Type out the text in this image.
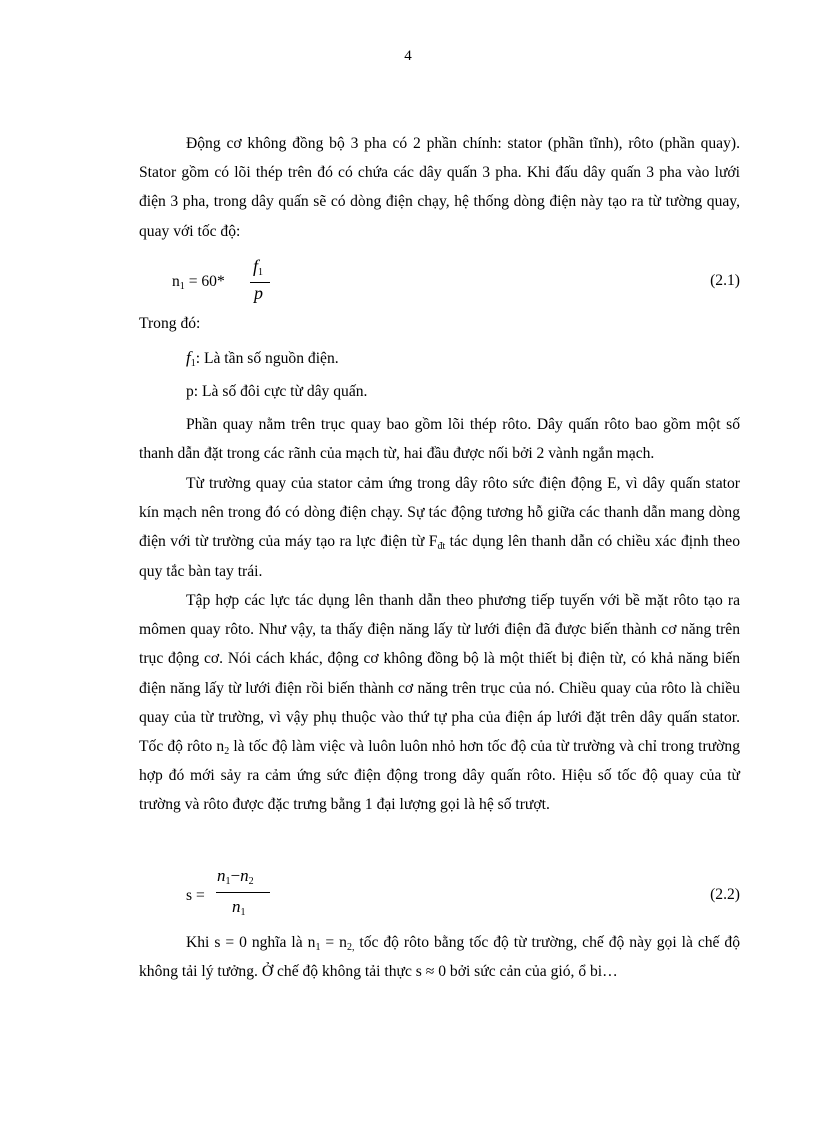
4

Động cơ không đồng bộ 3 pha có 2 phần chính: stator (phần tĩnh), rôto (phần quay). Stator gồm có lõi thép trên đó có chứa các dây quấn 3 pha. Khi đấu dây quấn 3 pha vào lưới điện 3 pha, trong dây quấn sẽ có dòng điện chạy, hệ thống dòng điện này tạo ra từ tường quay, quay với tốc độ:

$n_1 = 60*$
$f_1$
p
(2.1)
Trong đó:
$f_1$: Là tần số nguồn điện.
p: Là số đôi cực từ dây quấn.

Phần quay nằm trên trục quay bao gồm lõi thép rôto. Dây quấn rôto bao gồm một số thanh dẫn đặt trong các rãnh của mạch từ, hai đầu được nối bởi 2 vành ngắn mạch.

Từ trường quay của stator cảm ứng trong dây rôto sức điện động E, vì dây quấn stator kín mạch nên trong đó có dòng điện chạy. Sự tác động tương hỗ giữa các thanh dẫn mang dòng điện với từ trường của máy tạo ra lực điện từ $F_{đt}$ tác dụng lên thanh dẫn có chiều xác định theo quy tắc bàn tay trái.

Tập hợp các lực tác dụng lên thanh dẫn theo phương tiếp tuyến với bề mặt rôto tạo ra mômen quay rôto. Như vậy, ta thấy điện năng lấy từ lưới điện đã được biến thành cơ năng trên trục động cơ. Nói cách khác, động cơ không đồng bộ là một thiết bị điện từ, có khả năng biến điện năng lấy từ lưới điện rồi biến thành cơ năng trên trục của nó. Chiều quay của rôto là chiều quay của từ trường, vì vậy phụ thuộc vào thứ tự pha của điện áp lưới đặt trên dây quấn stator. Tốc độ rôto $n_2$ là tốc độ làm việc và luôn luôn nhỏ hơn tốc độ của từ trường và chỉ trong trường hợp đó mới sảy ra cảm ứng sức điện động trong dây quấn rôto. Hiệu số tốc độ quay của từ trường và rôto được đặc trưng bằng 1 đại lượng gọi là hệ số trượt.

s =
$n_1-n_2$
$n_1$
(2.2)

Khi s = 0 nghĩa là $n_1 = n_{2,}$ tốc độ rôto bằng tốc độ từ trường, chế độ này gọi là chế độ không tải lý tưởng. Ở chế độ không tải thực s ≈ 0 bởi sức cản của gió, ổ bi…
